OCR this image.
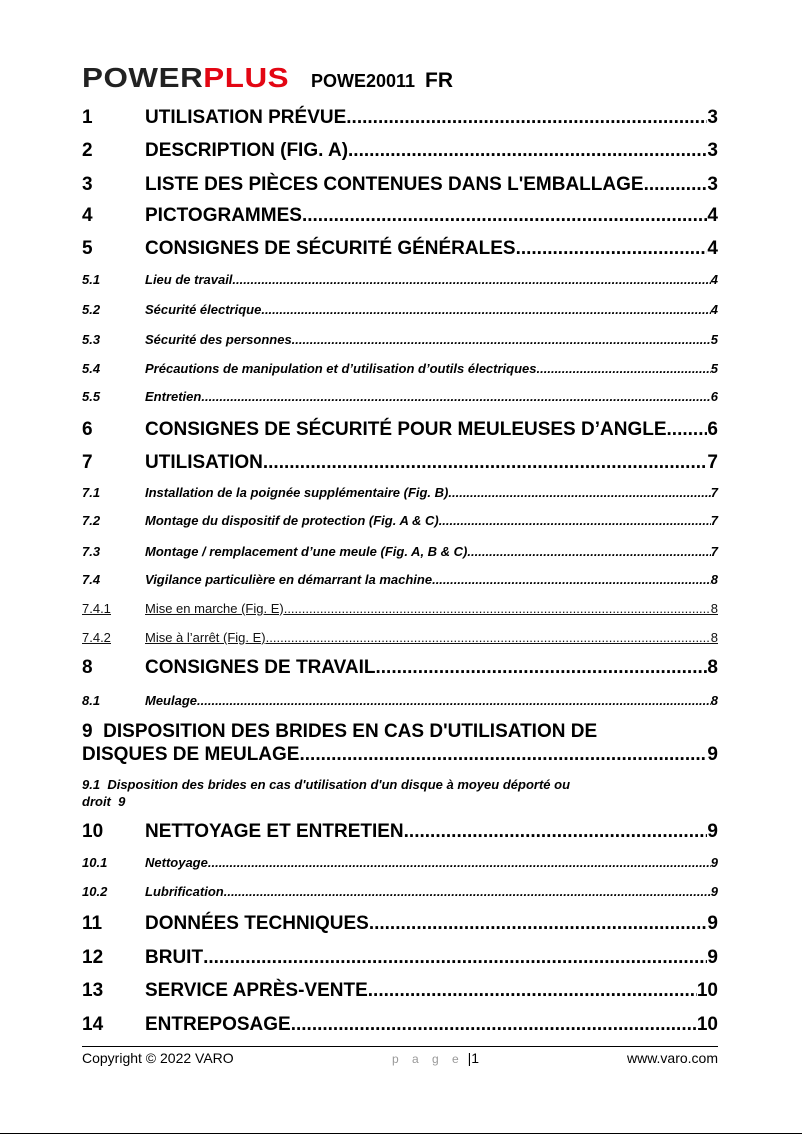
POWERPLUS POWE20011 FR
1	UTILISATION PRÉVUE .....	3
2	DESCRIPTION (FIG. A) .....	3
3	LISTE DES PIÈCES CONTENUES DANS L'EMBALLAGE .....	3
4	PICTOGRAMMES .....	4
5	CONSIGNES DE SÉCURITÉ GÉNÉRALES .....	4
5.1	Lieu de travail .....	4
5.2	Sécurité électrique .....	4
5.3	Sécurité des personnes .....	5
5.4	Précautions de manipulation et d’utilisation d’outils électriques .....	5
5.5	Entretien .....	6
6	CONSIGNES DE SÉCURITÉ POUR MEULEUSES D’ANGLE ..... 6
7	UTILISATION .....	7
7.1	Installation de la poignée supplémentaire (Fig. B) .....	7
7.2	Montage du dispositif de protection (Fig. A & C) .....	7
7.3	Montage / remplacement d’une meule (Fig. A, B & C) .....	7
7.4	Vigilance particulière en démarrant la machine .....	8
7.4.1	Mise en marche (Fig. E) .....	8
7.4.2	Mise à l’arrêt (Fig. E) .....	8
8	CONSIGNES DE TRAVAIL .....	8
8.1	Meulage .....	8
9 DISPOSITION DES BRIDES EN CAS D'UTILISATION DE
DISQUES DE MEULAGE .....	9
9.1 Disposition des brides en cas d'utilisation d'un disque à moyeu déporté ou
droit 9
10	NETTOYAGE ET ENTRETIEN .....	9
10.1	Nettoyage .....	9
10.2	Lubrification .....	9
11	DONNÉES TECHNIQUES .....	9
12	BRUIT .....	9
13	SERVICE APRÈS-VENTE .....	10
14	ENTREPOSAGE .....	10
Copyright © 2022 VARO	p a g e |1	www.varo.com
